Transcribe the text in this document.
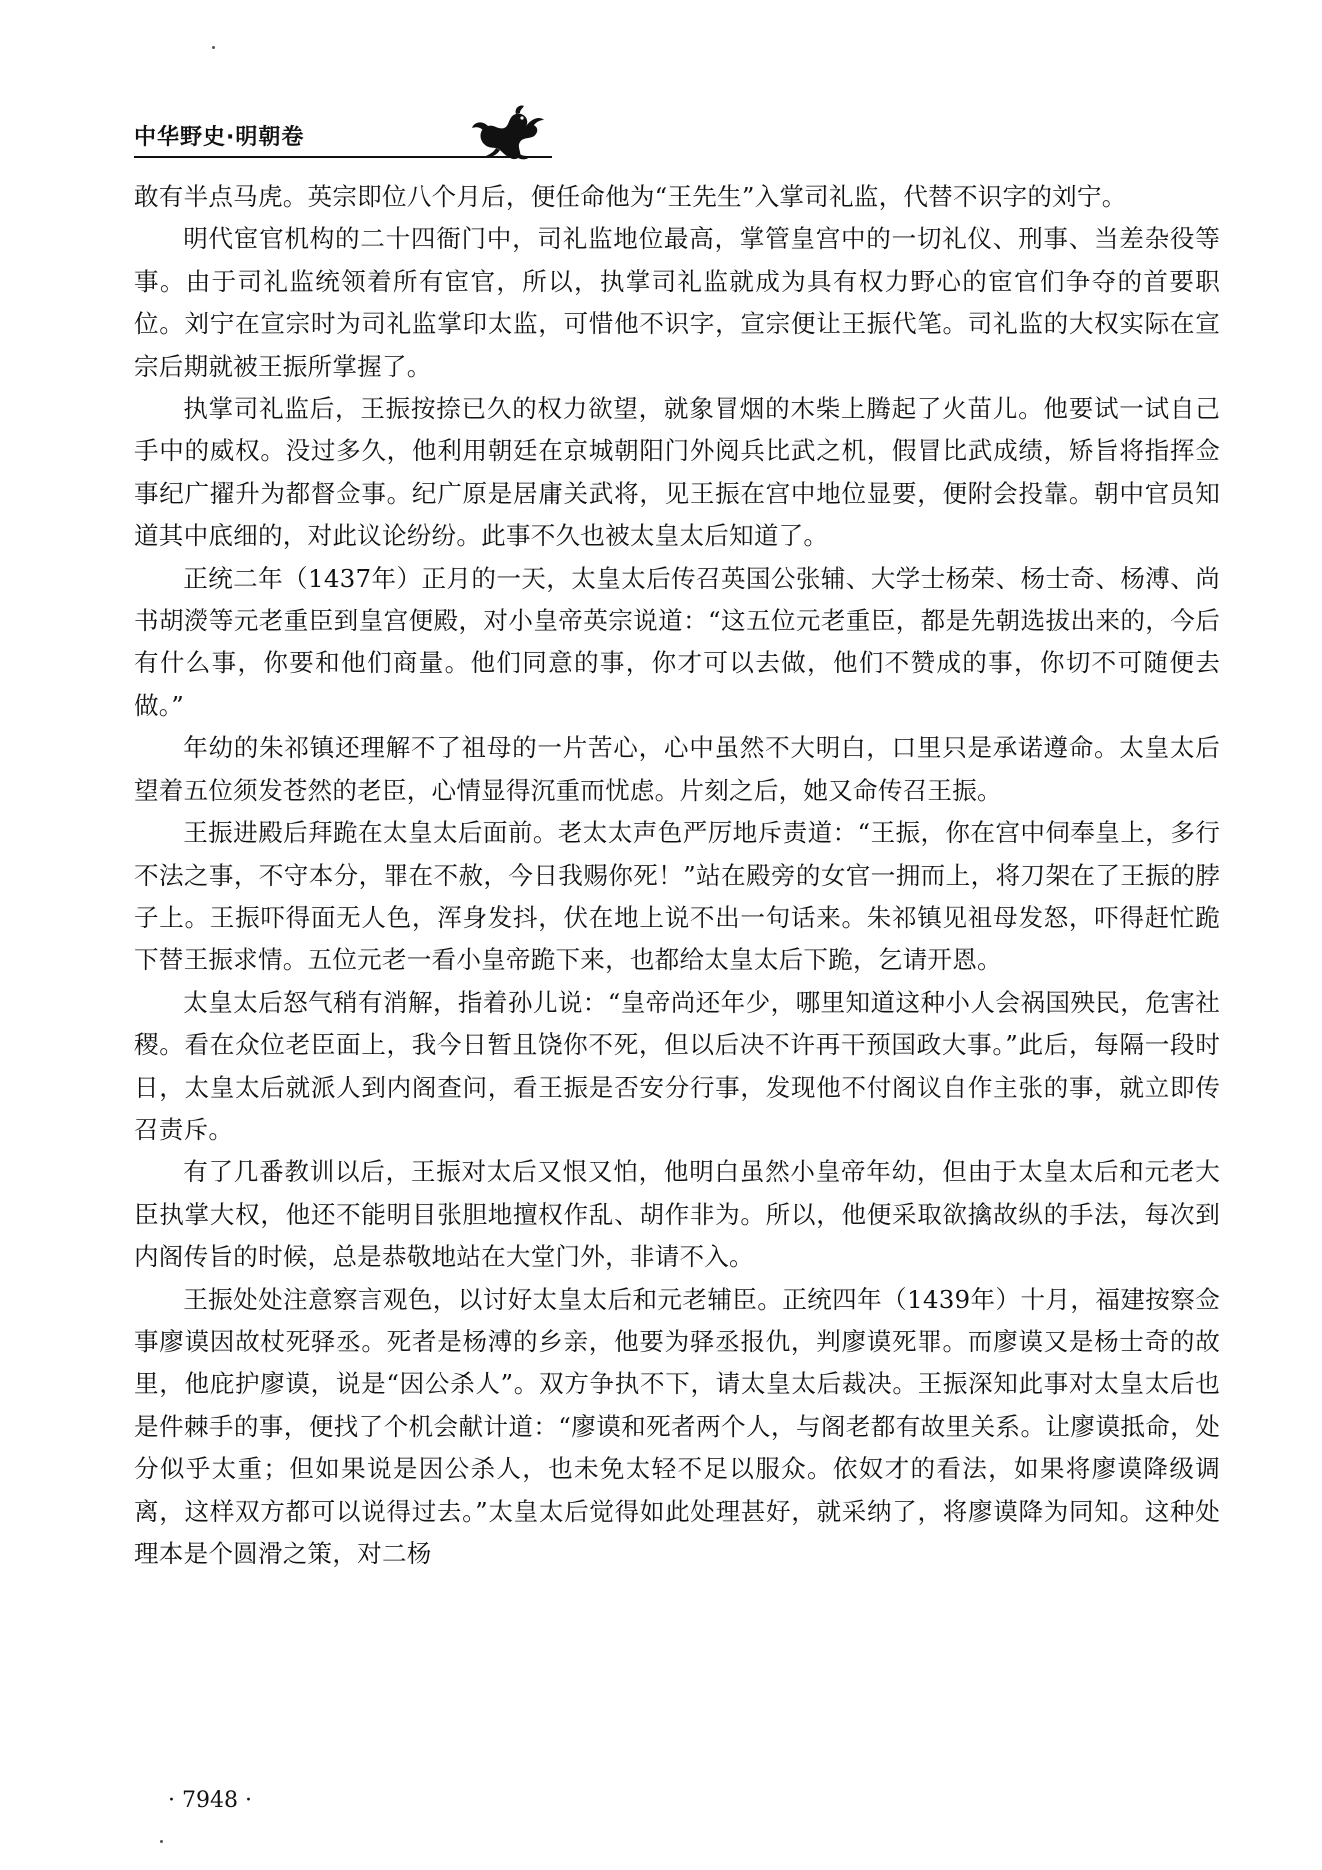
中华野史·明朝卷

敢有半点马虎。英宗即位八个月后，便任命他为“王先生”入掌司礼监，代替不识字的刘宁。

明代宦官机构的二十四衙门中，司礼监地位最高，掌管皇宫中的一切礼仪、刑事、当差杂役等事。由于司礼监统领着所有宦官，所以，执掌司礼监就成为具有权力野心的宦官们争夺的首要职位。刘宁在宣宗时为司礼监掌印太监，可惜他不识字，宣宗便让王振代笔。司礼监的大权实际在宣宗后期就被王振所掌握了。

执掌司礼监后，王振按捺已久的权力欲望，就象冒烟的木柴上腾起了火苗儿。他要试一试自己手中的威权。没过多久，他利用朝廷在京城朝阳门外阅兵比武之机，假冒比武成绩，矫旨将指挥佥事纪广擢升为都督佥事。纪广原是居庸关武将，见王振在宫中地位显要，便附会投靠。朝中官员知道其中底细的，对此议论纷纷。此事不久也被太皇太后知道了。

正统二年（1437年）正月的一天，太皇太后传召英国公张辅、大学士杨荣、杨士奇、杨溥、尚书胡濙等元老重臣到皇宫便殿，对小皇帝英宗说道：“这五位元老重臣，都是先朝选拔出来的，今后有什么事，你要和他们商量。他们同意的事，你才可以去做，他们不赞成的事，你切不可随便去做。”

年幼的朱祁镇还理解不了祖母的一片苦心，心中虽然不大明白，口里只是承诺遵命。太皇太后望着五位须发苍然的老臣，心情显得沉重而忧虑。片刻之后，她又命传召王振。

王振进殿后拜跪在太皇太后面前。老太太声色严厉地斥责道：“王振，你在宫中伺奉皇上，多行不法之事，不守本分，罪在不赦，今日我赐你死！”站在殿旁的女官一拥而上，将刀架在了王振的脖子上。王振吓得面无人色，浑身发抖，伏在地上说不出一句话来。朱祁镇见祖母发怒，吓得赶忙跪下替王振求情。五位元老一看小皇帝跪下来，也都给太皇太后下跪，乞请开恩。

太皇太后怒气稍有消解，指着孙儿说：“皇帝尚还年少，哪里知道这种小人会祸国殃民，危害社稷。看在众位老臣面上，我今日暂且饶你不死，但以后决不许再干预国政大事。”此后，每隔一段时日，太皇太后就派人到内阁查问，看王振是否安分行事，发现他不付阁议自作主张的事，就立即传召责斥。

有了几番教训以后，王振对太后又恨又怕，他明白虽然小皇帝年幼，但由于太皇太后和元老大臣执掌大权，他还不能明目张胆地擅权作乱、胡作非为。所以，他便采取欲擒故纵的手法，每次到内阁传旨的时候，总是恭敬地站在大堂门外，非请不入。

王振处处注意察言观色，以讨好太皇太后和元老辅臣。正统四年（1439年）十月，福建按察佥事廖谟因故杖死驿丞。死者是杨溥的乡亲，他要为驿丞报仇，判廖谟死罪。而廖谟又是杨士奇的故里，他庇护廖谟，说是“因公杀人”。双方争执不下，请太皇太后裁决。王振深知此事对太皇太后也是件棘手的事，便找了个机会献计道：“廖谟和死者两个人，与阁老都有故里关系。让廖谟抵命，处分似乎太重；但如果说是因公杀人，也未免太轻不足以服众。依奴才的看法，如果将廖谟降级调离，这样双方都可以说得过去。”太皇太后觉得如此处理甚好，就采纳了，将廖谟降为同知。这种处理本是个圆滑之策，对二杨

· 7948 ·
